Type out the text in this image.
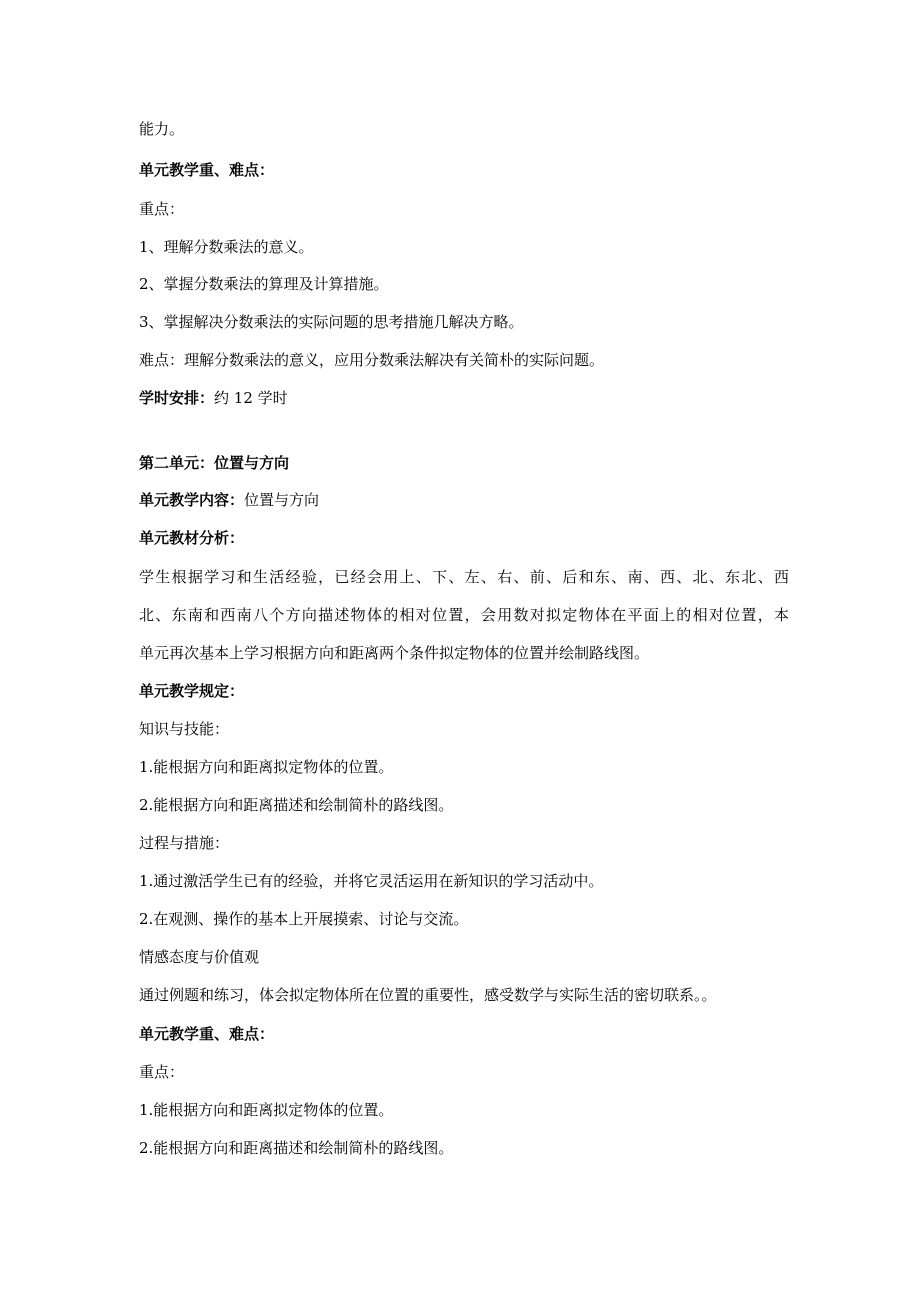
能力。
单元教学重、难点：
重点：
1、理解分数乘法的意义。
2、掌握分数乘法的算理及计算措施。
3、掌握解决分数乘法的实际问题的思考措施几解决方略。
难点：理解分数乘法的意义，应用分数乘法解决有关简朴的实际问题。
学时安排：约 12 学时
第二单元：位置与方向
单元教学内容：位置与方向
单元教材分析：
学生根据学习和生活经验，已经会用上、下、左、右、前、后和东、南、西、北、东北、西
北、东南和西南八个方向描述物体的相对位置，会用数对拟定物体在平面上的相对位置，本
单元再次基本上学习根据方向和距离两个条件拟定物体的位置并绘制路线图。
单元教学规定：
知识与技能：
1.能根据方向和距离拟定物体的位置。
2.能根据方向和距离描述和绘制简朴的路线图。
过程与措施：
1.通过激活学生已有的经验，并将它灵活运用在新知识的学习活动中。
2.在观测、操作的基本上开展摸索、讨论与交流。
情感态度与价值观
通过例题和练习，体会拟定物体所在位置的重要性，感受数学与实际生活的密切联系。。
单元教学重、难点：
重点：
1.能根据方向和距离拟定物体的位置。
2.能根据方向和距离描述和绘制简朴的路线图。
